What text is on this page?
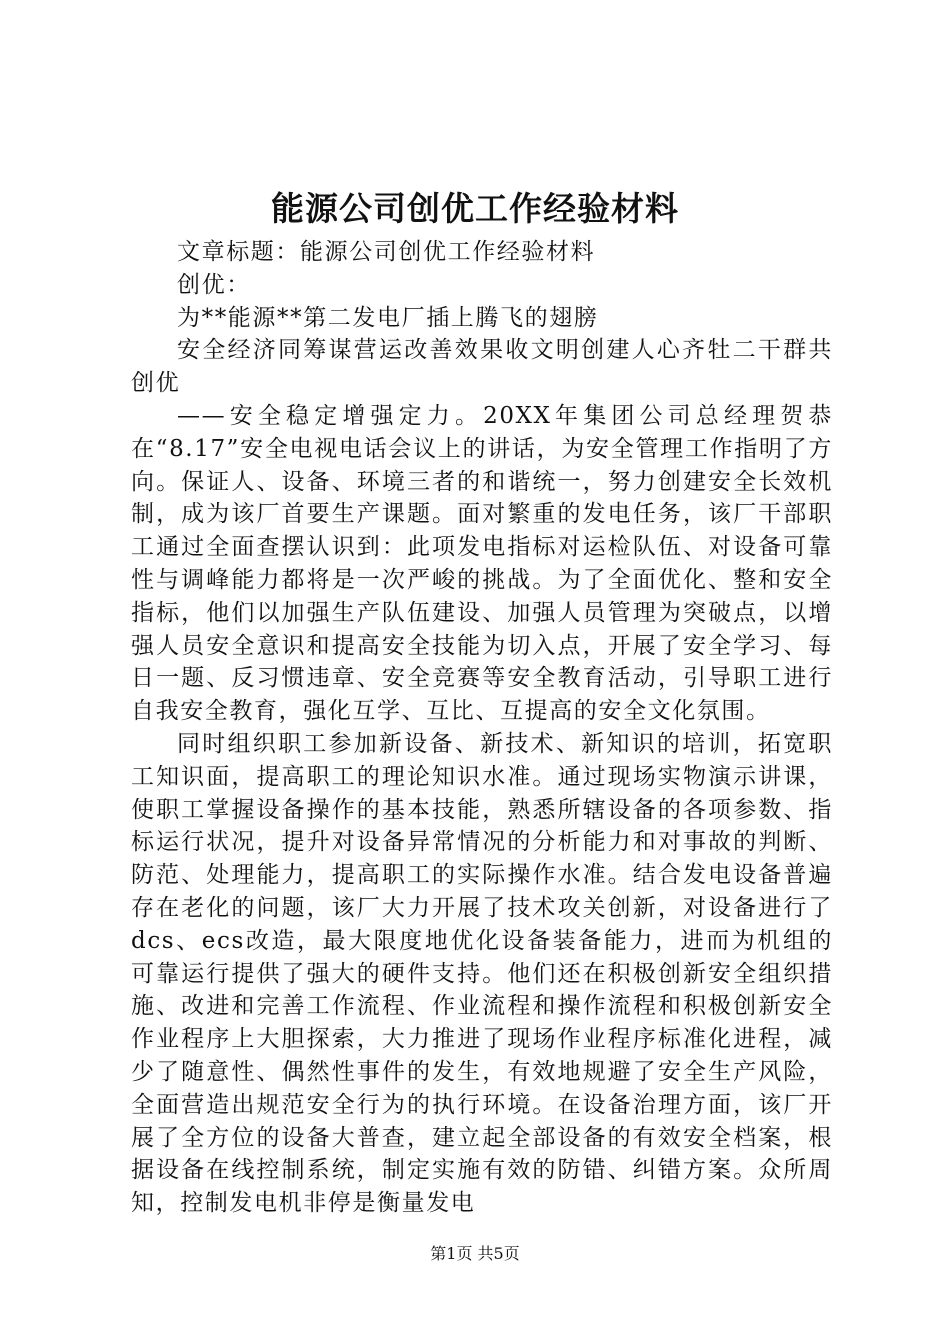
能源公司创优工作经验材料

文章标题：能源公司创优工作经验材料

创优：

为**能源**第二发电厂插上腾飞的翅膀

安全经济同筹谋营运改善效果收文明创建人心齐牡二干群共创优

——安全稳定增强定力。20XX年集团公司总经理贺恭在“8.17”安全电视电话会议上的讲话，为安全管理工作指明了方向。保证人、设备、环境三者的和谐统一，努力创建安全长效机制，成为该厂首要生产课题。面对繁重的发电任务，该厂干部职工通过全面查摆认识到：此项发电指标对运检队伍、对设备可靠性与调峰能力都将是一次严峻的挑战。为了全面优化、整和安全指标，他们以加强生产队伍建设、加强人员管理为突破点，以增强人员安全意识和提高安全技能为切入点，开展了安全学习、每日一题、反习惯违章、安全竞赛等安全教育活动，引导职工进行自我安全教育，强化互学、互比、互提高的安全文化氛围。

同时组织职工参加新设备、新技术、新知识的培训，拓宽职工知识面，提高职工的理论知识水准。通过现场实物演示讲课，使职工掌握设备操作的基本技能，熟悉所辖设备的各项参数、指标运行状况，提升对设备异常情况的分析能力和对事故的判断、防范、处理能力，提高职工的实际操作水准。结合发电设备普遍存在老化的问题，该厂大力开展了技术攻关创新，对设备进行了dcs、ecs改造，最大限度地优化设备装备能力，进而为机组的可靠运行提供了强大的硬件支持。他们还在积极创新安全组织措施、改进和完善工作流程、作业流程和操作流程和积极创新安全作业程序上大胆探索，大力推进了现场作业程序标准化进程，减少了随意性、偶然性事件的发生，有效地规避了安全生产风险，全面营造出规范安全行为的执行环境。在设备治理方面，该厂开展了全方位的设备大普查，建立起全部设备的有效安全档案，根据设备在线控制系统，制定实施有效的防错、纠错方案。众所周知，控制发电机非停是衡量发电

第1页 共5页
